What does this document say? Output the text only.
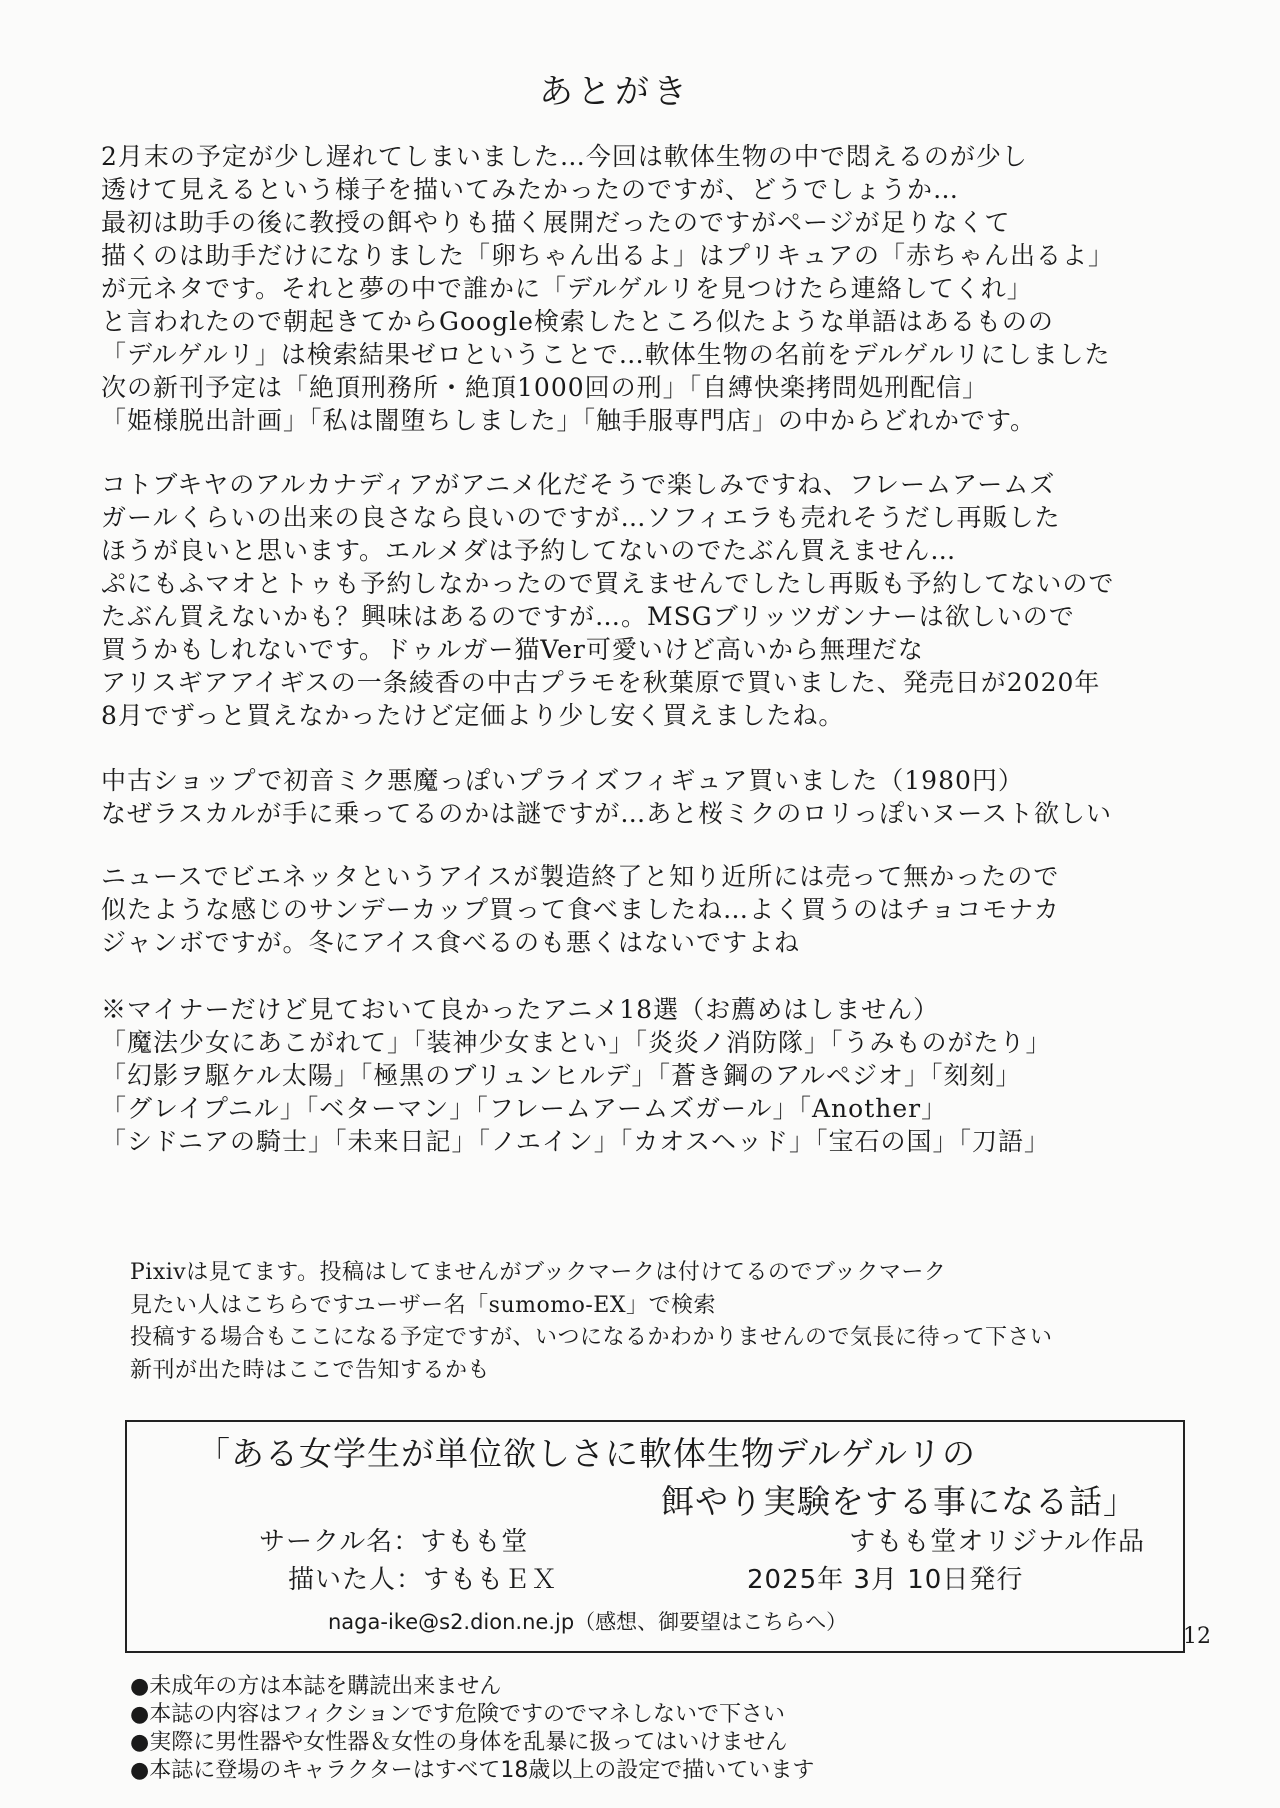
あとがき
2月末の予定が少し遅れてしまいました…今回は軟体生物の中で悶えるのが少し
透けて見えるという様子を描いてみたかったのですが、どうでしょうか…
最初は助手の後に教授の餌やりも描く展開だったのですがページが足りなくて
描くのは助手だけになりました「卵ちゃん出るよ」はプリキュアの「赤ちゃん出るよ」
が元ネタです。それと夢の中で誰かに「デルゲルリを見つけたら連絡してくれ」
と言われたので朝起きてからGoogle検索したところ似たような単語はあるものの
「デルゲルリ」は検索結果ゼロということで…軟体生物の名前をデルゲルリにしました
次の新刊予定は「絶頂刑務所・絶頂1000回の刑」「自縛快楽拷問処刑配信」
「姫様脱出計画」「私は闇堕ちしました」「触手服専門店」の中からどれかです。
コトブキヤのアルカナディアがアニメ化だそうで楽しみですね、フレームアームズ
ガールくらいの出来の良さなら良いのですが…ソフィエラも売れそうだし再販した
ほうが良いと思います。エルメダは予約してないのでたぶん買えません…
ぷにもふマオとトゥも予約しなかったので買えませんでしたし再販も予約してないので
たぶん買えないかも？興味はあるのですが…。MSGブリッツガンナーは欲しいので
買うかもしれないです。ドゥルガー猫Ver可愛いけど高いから無理だな
アリスギアアイギスの一条綾香の中古プラモを秋葉原で買いました、発売日が2020年
8月でずっと買えなかったけど定価より少し安く買えましたね。
中古ショップで初音ミク悪魔っぽいプライズフィギュア買いました（1980円）
なぜラスカルが手に乗ってるのかは謎ですが…あと桜ミクのロリっぽいヌースト欲しい
ニュースでビエネッタというアイスが製造終了と知り近所には売って無かったので
似たような感じのサンデーカップ買って食べましたね…よく買うのはチョコモナカ
ジャンボですが。冬にアイス食べるのも悪くはないですよね
※マイナーだけど見ておいて良かったアニメ18選（お薦めはしません）
「魔法少女にあこがれて」「装神少女まとい」「炎炎ノ消防隊」「うみものがたり」
「幻影ヲ駆ケル太陽」「極黒のブリュンヒルデ」「蒼き鋼のアルペジオ」「刻刻」
「グレイプニル」「ベターマン」「フレームアームズガール」「Another」
「シドニアの騎士」「未来日記」「ノエイン」「カオスヘッド」「宝石の国」「刀語」
Pixivは見てます。投稿はしてませんがブックマークは付けてるのでブックマーク
見たい人はこちらですユーザー名「sumomo-EX」で検索
投稿する場合もここになる予定ですが、いつになるかわかりませんので気長に待って下さい
新刊が出た時はここで告知するかも
「ある女学生が単位欲しさに軟体生物デルゲルリの
餌やり実験をする事になる話」
サークル名：すもも堂	すもも堂オリジナル作品
描いた人：すももＥＸ	2025年 3月 10日発行
naga-ike@s2.dion.ne.jp（感想、御要望はこちらへ）
12
●未成年の方は本誌を購読出来ません
●本誌の内容はフィクションです危険ですのでマネしないで下さい
●実際に男性器や女性器＆女性の身体を乱暴に扱ってはいけません
●本誌に登場のキャラクターはすべて18歳以上の設定で描いています
